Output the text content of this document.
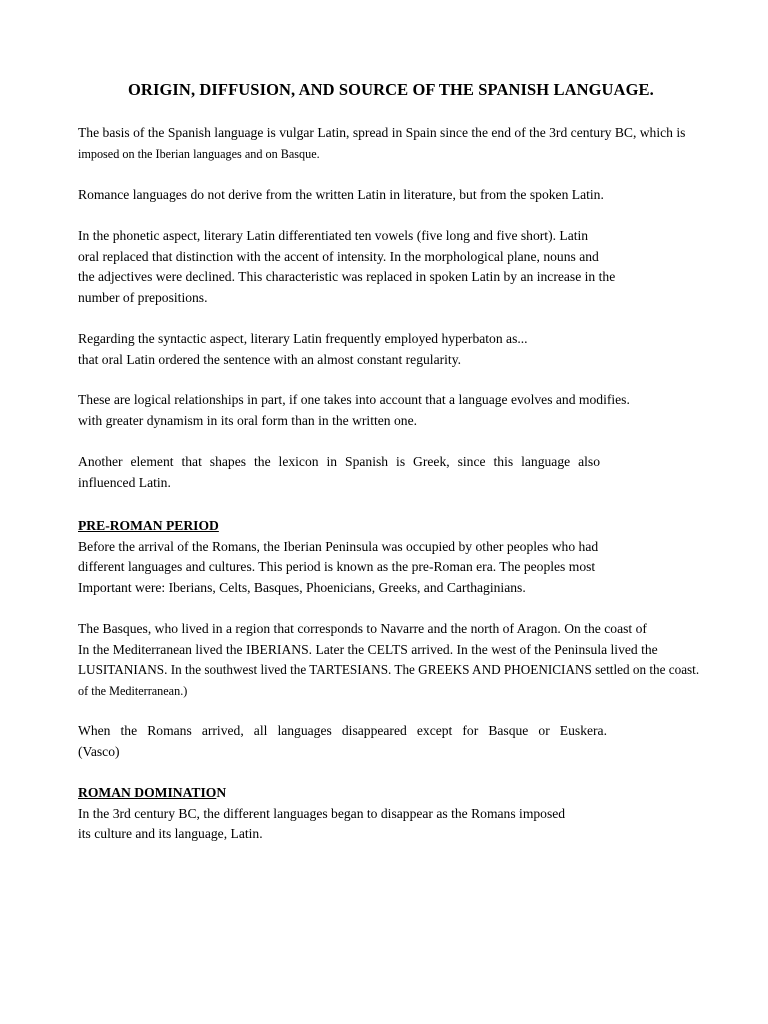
ORIGIN, DIFFUSION, AND SOURCE OF THE SPANISH LANGUAGE.
The basis of the Spanish language is vulgar Latin, spread in Spain since the end of the 3rd century BC, which is
imposed on the Iberian languages and on Basque.
Romance languages do not derive from the written Latin in literature, but from the spoken Latin.
In the phonetic aspect, literary Latin differentiated ten vowels (five long and five short). Latin
oral replaced that distinction with the accent of intensity. In the morphological plane, nouns and
the adjectives were declined. This characteristic was replaced in spoken Latin by an increase in the
number of prepositions.
Regarding the syntactic aspect, literary Latin frequently employed hyperbaton as...
that oral Latin ordered the sentence with an almost constant regularity.
These are logical relationships in part, if one takes into account that a language evolves and modifies.
with greater dynamism in its oral form than in the written one.
Another element that shapes the lexicon in Spanish is Greek, since this language also
influenced Latin.
PRE-ROMAN PERIOD
Before the arrival of the Romans, the Iberian Peninsula was occupied by other peoples who had
different languages and cultures. This period is known as the pre-Roman era. The peoples most
Important were: Iberians, Celts, Basques, Phoenicians, Greeks, and Carthaginians.
The Basques, who lived in a region that corresponds to Navarre and the north of Aragon. On the coast of
In the Mediterranean lived the IBERIANS. Later the CELTS arrived. In the west of the Peninsula lived the
LUSITANIANS. In the southwest lived the TARTESIANS. The GREEKS AND PHOENICIANS settled on the coast.
of the Mediterranean.)
When the Romans arrived, all languages disappeared except for Basque or Euskera.
(Vasco)
ROMAN DOMINATION
In the 3rd century BC, the different languages began to disappear as the Romans imposed
its culture and its language, Latin.
